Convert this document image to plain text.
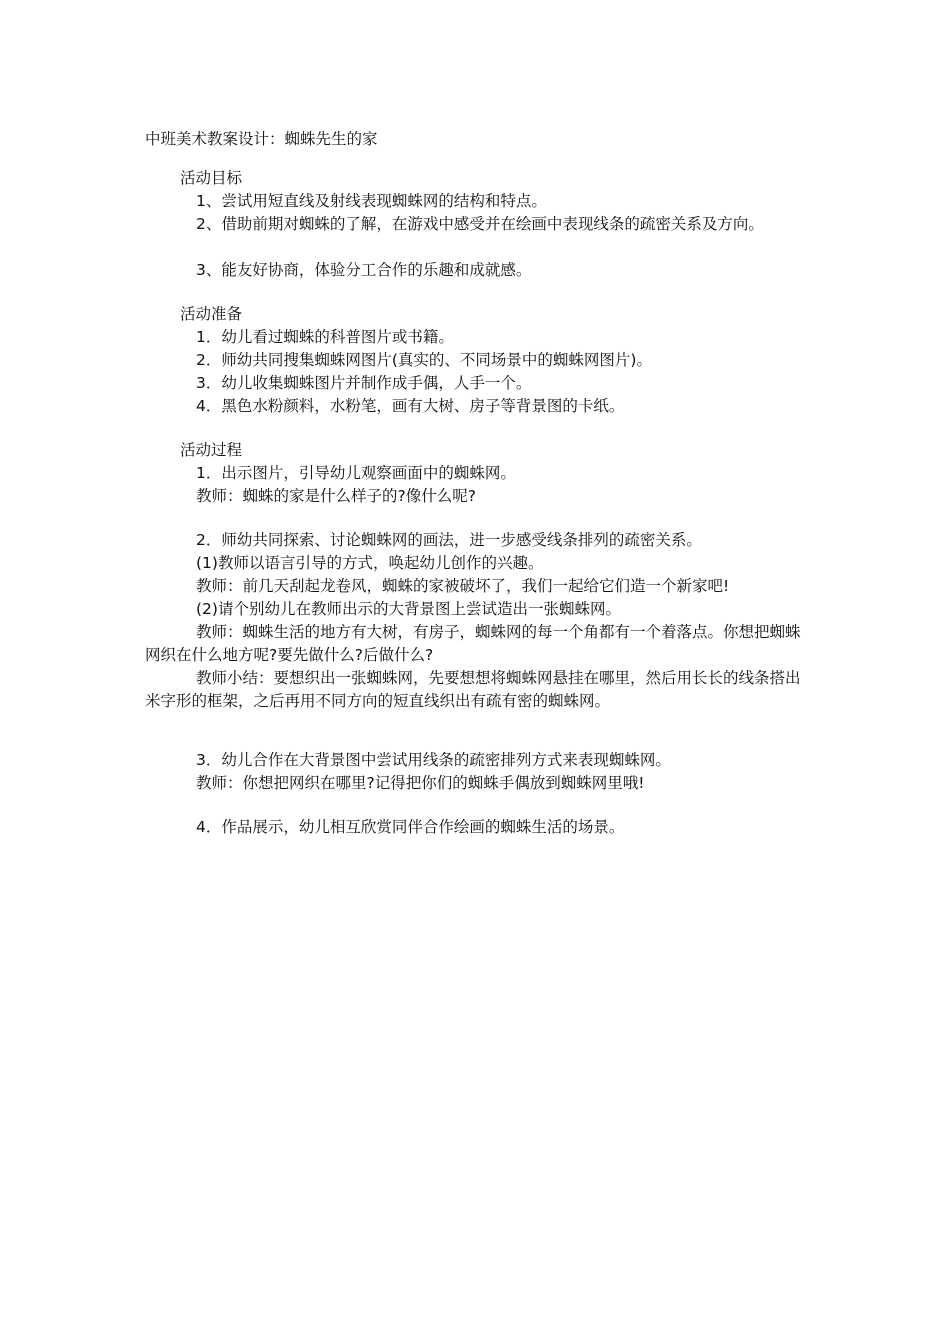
中班美术教案设计：蜘蛛先生的家
活动目标
1、尝试用短直线及射线表现蜘蛛网的结构和特点。
2、借助前期对蜘蛛的了解，在游戏中感受并在绘画中表现线条的疏密关系及方向。
3、能友好协商，体验分工合作的乐趣和成就感。
活动准备
1．幼儿看过蜘蛛的科普图片或书籍。
2．师幼共同搜集蜘蛛网图片(真实的、不同场景中的蜘蛛网图片)。
3．幼儿收集蜘蛛图片并制作成手偶，人手一个。
4．黑色水粉颜料，水粉笔，画有大树、房子等背景图的卡纸。
活动过程
1．出示图片，引导幼儿观察画面中的蜘蛛网。
教师：蜘蛛的家是什么样子的?像什么呢?
2．师幼共同探索、讨论蜘蛛网的画法，进一步感受线条排列的疏密关系。
(1)教师以语言引导的方式，唤起幼儿创作的兴趣。
教师：前几天刮起龙卷风，蜘蛛的家被破坏了，我们一起给它们造一个新家吧!
(2)请个别幼儿在教师出示的大背景图上尝试造出一张蜘蛛网。
教师：蜘蛛生活的地方有大树，有房子，蜘蛛网的每一个角都有一个着落点。你想把蜘蛛网织在什么地方呢?要先做什么?后做什么?
教师小结：要想织出一张蜘蛛网，先要想想将蜘蛛网悬挂在哪里，然后用长长的线条搭出米字形的框架，之后再用不同方向的短直线织出有疏有密的蜘蛛网。
3．幼儿合作在大背景图中尝试用线条的疏密排列方式来表现蜘蛛网。
教师：你想把网织在哪里?记得把你们的蜘蛛手偶放到蜘蛛网里哦!
4．作品展示，幼儿相互欣赏同伴合作绘画的蜘蛛生活的场景。
